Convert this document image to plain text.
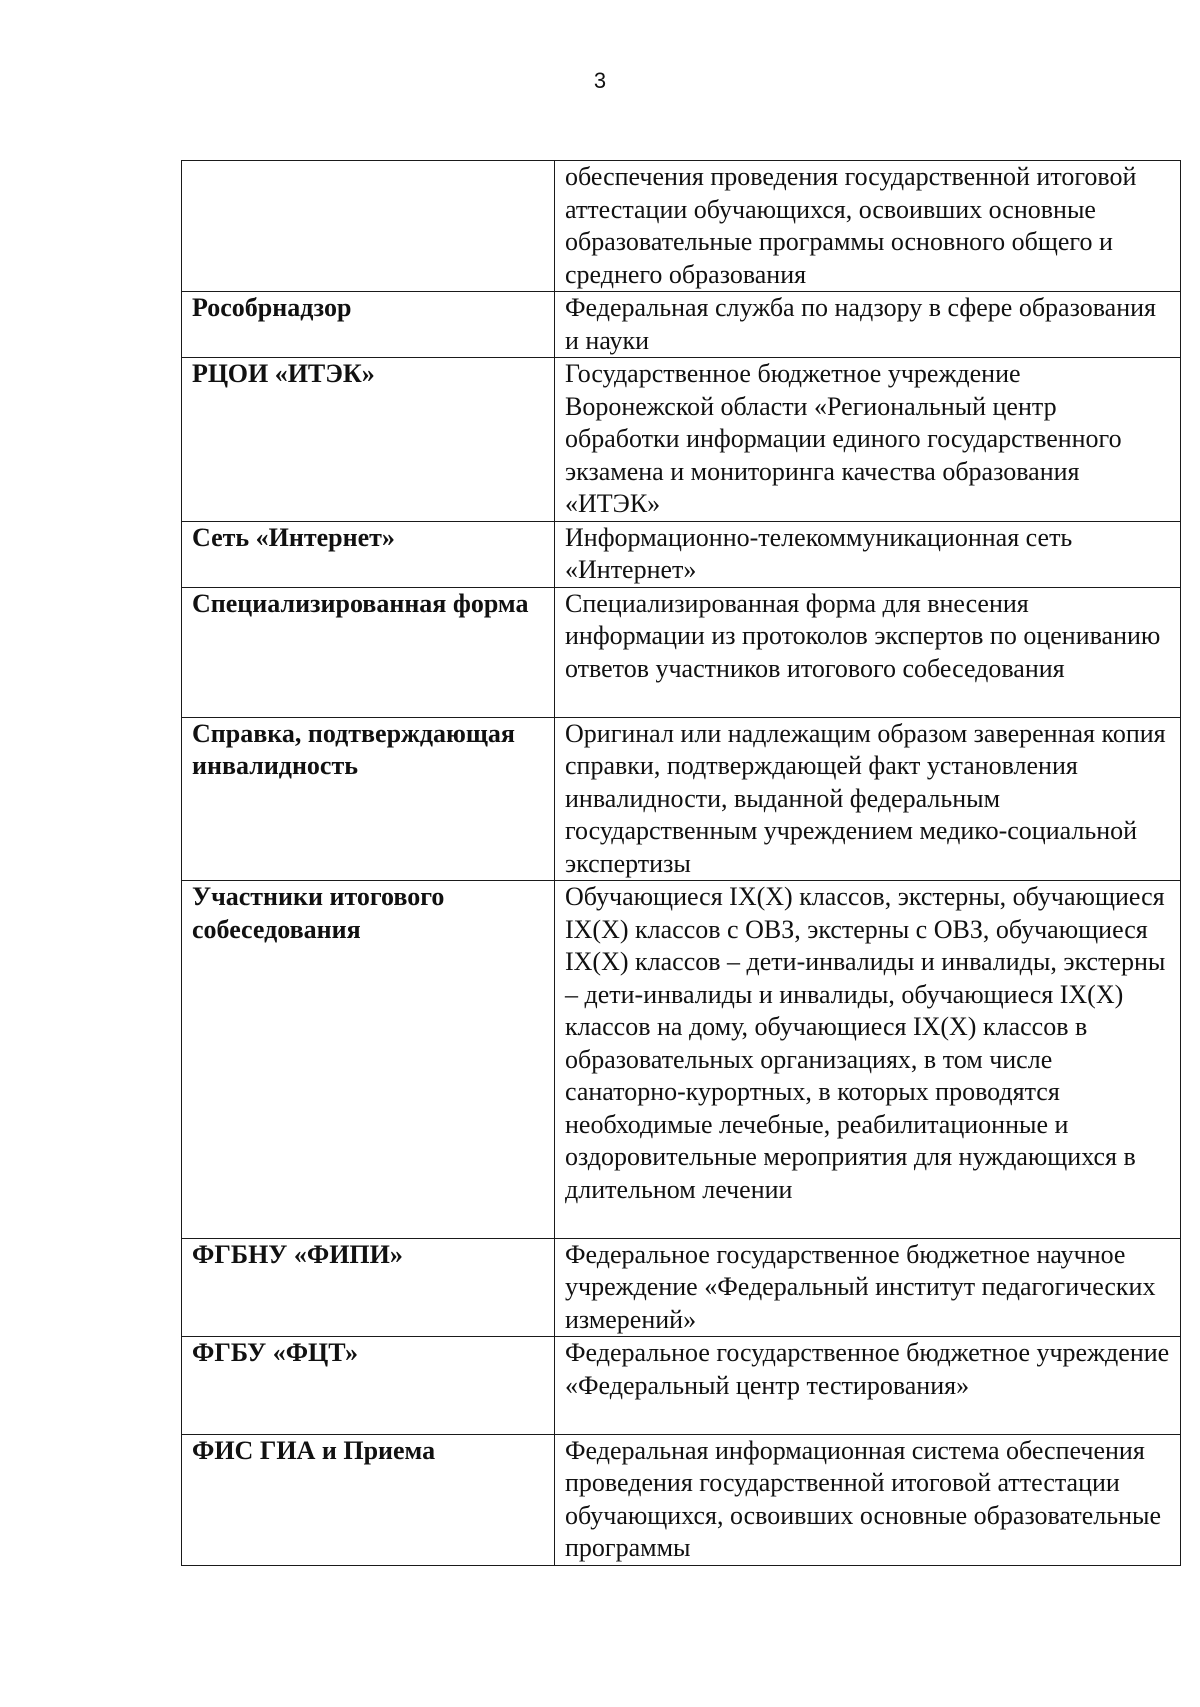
3
	обеспечения проведения государственной итоговой аттестации обучающихся, освоивших основные образовательные программы основного общего и среднего образования
Рособрнадзор	Федеральная служба по надзору в сфере образования и науки
РЦОИ «ИТЭК»	Государственное бюджетное учреждение Воронежской области «Региональный центр обработки информации единого государственного экзамена и мониторинга качества образования «ИТЭК»
Сеть «Интернет»	Информационно-телекоммуникационная сеть «Интернет»
Специализированная форма	Специализированная форма для внесения информации из протоколов экспертов по оцениванию ответов участников итогового собеседования
Справка, подтверждающая инвалидность	Оригинал или надлежащим образом заверенная копия справки, подтверждающей факт установления инвалидности, выданной федеральным государственным учреждением медико-социальной экспертизы
Участники итогового собеседования	Обучающиеся IX(X) классов, экстерны, обучающиеся IX(X) классов с ОВЗ, экстерны с ОВЗ, обучающиеся IX(X) классов – дети-инвалиды и инвалиды, экстерны – дети-инвалиды и инвалиды, обучающиеся IX(X) классов на дому, обучающиеся IX(X) классов в образовательных организациях, в том числе санаторно-курортных, в которых проводятся необходимые лечебные, реабилитационные и оздоровительные мероприятия для нуждающихся в длительном лечении
ФГБНУ «ФИПИ»	Федеральное государственное бюджетное научное учреждение «Федеральный институт педагогических измерений»
ФГБУ «ФЦТ»	Федеральное государственное бюджетное учреждение «Федеральный центр тестирования»
ФИС ГИА и Приема	Федеральная информационная система обеспечения проведения государственной итоговой аттестации обучающихся, освоивших основные образовательные программы
